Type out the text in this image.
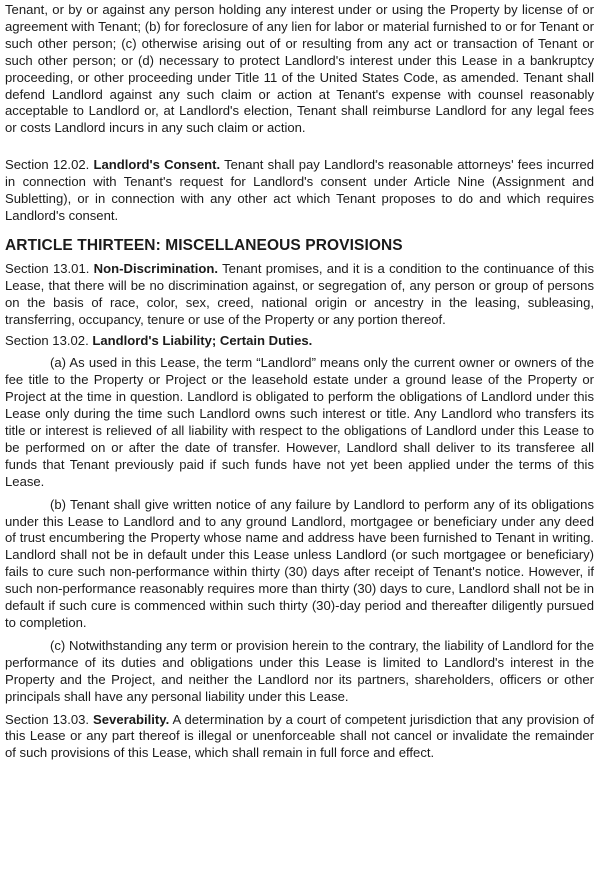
Tenant, or by or against any person holding any interest under or using the Property by license of or agreement with Tenant; (b) for foreclosure of any lien for labor or material furnished to or for Tenant or such other person; (c) otherwise arising out of or resulting from any act or transaction of Tenant or such other person; or (d) necessary to protect Landlord's interest under this Lease in a bankruptcy proceeding, or other proceeding under Title 11 of the United States Code, as amended. Tenant shall defend Landlord against any such claim or action at Tenant's expense with counsel reasonably acceptable to Landlord or, at Landlord's election, Tenant shall reimburse Landlord for any legal fees or costs Landlord incurs in any such claim or action.

Section 12.02. Landlord's Consent. Tenant shall pay Landlord's reasonable attorneys' fees incurred in connection with Tenant's request for Landlord's consent under Article Nine (Assignment and Subletting), or in connection with any other act which Tenant proposes to do and which requires Landlord's consent.

ARTICLE THIRTEEN: MISCELLANEOUS PROVISIONS

Section 13.01. Non-Discrimination. Tenant promises, and it is a condition to the continuance of this Lease, that there will be no discrimination against, or segregation of, any person or group of persons on the basis of race, color, sex, creed, national origin or ancestry in the leasing, subleasing, transferring, occupancy, tenure or use of the Property or any portion thereof.

Section 13.02. Landlord's Liability; Certain Duties.

(a) As used in this Lease, the term “Landlord” means only the current owner or owners of the fee title to the Property or Project or the leasehold estate under a ground lease of the Property or Project at the time in question. Landlord is obligated to perform the obligations of Landlord under this Lease only during the time such Landlord owns such interest or title. Any Landlord who transfers its title or interest is relieved of all liability with respect to the obligations of Landlord under this Lease to be performed on or after the date of transfer. However, Landlord shall deliver to its transferee all funds that Tenant previously paid if such funds have not yet been applied under the terms of this Lease.

(b) Tenant shall give written notice of any failure by Landlord to perform any of its obligations under this Lease to Landlord and to any ground Landlord, mortgagee or beneficiary under any deed of trust encumbering the Property whose name and address have been furnished to Tenant in writing. Landlord shall not be in default under this Lease unless Landlord (or such mortgagee or beneficiary) fails to cure such non-performance within thirty (30) days after receipt of Tenant's notice. However, if such non-performance reasonably requires more than thirty (30) days to cure, Landlord shall not be in default if such cure is commenced within such thirty (30)-day period and thereafter diligently pursued to completion.

(c) Notwithstanding any term or provision herein to the contrary, the liability of Landlord for the performance of its duties and obligations under this Lease is limited to Landlord's interest in the Property and the Project, and neither the Landlord nor its partners, shareholders, officers or other principals shall have any personal liability under this Lease.

Section 13.03. Severability. A determination by a court of competent jurisdiction that any provision of this Lease or any part thereof is illegal or unenforceable shall not cancel or invalidate the remainder of such provisions of this Lease, which shall remain in full force and effect.
